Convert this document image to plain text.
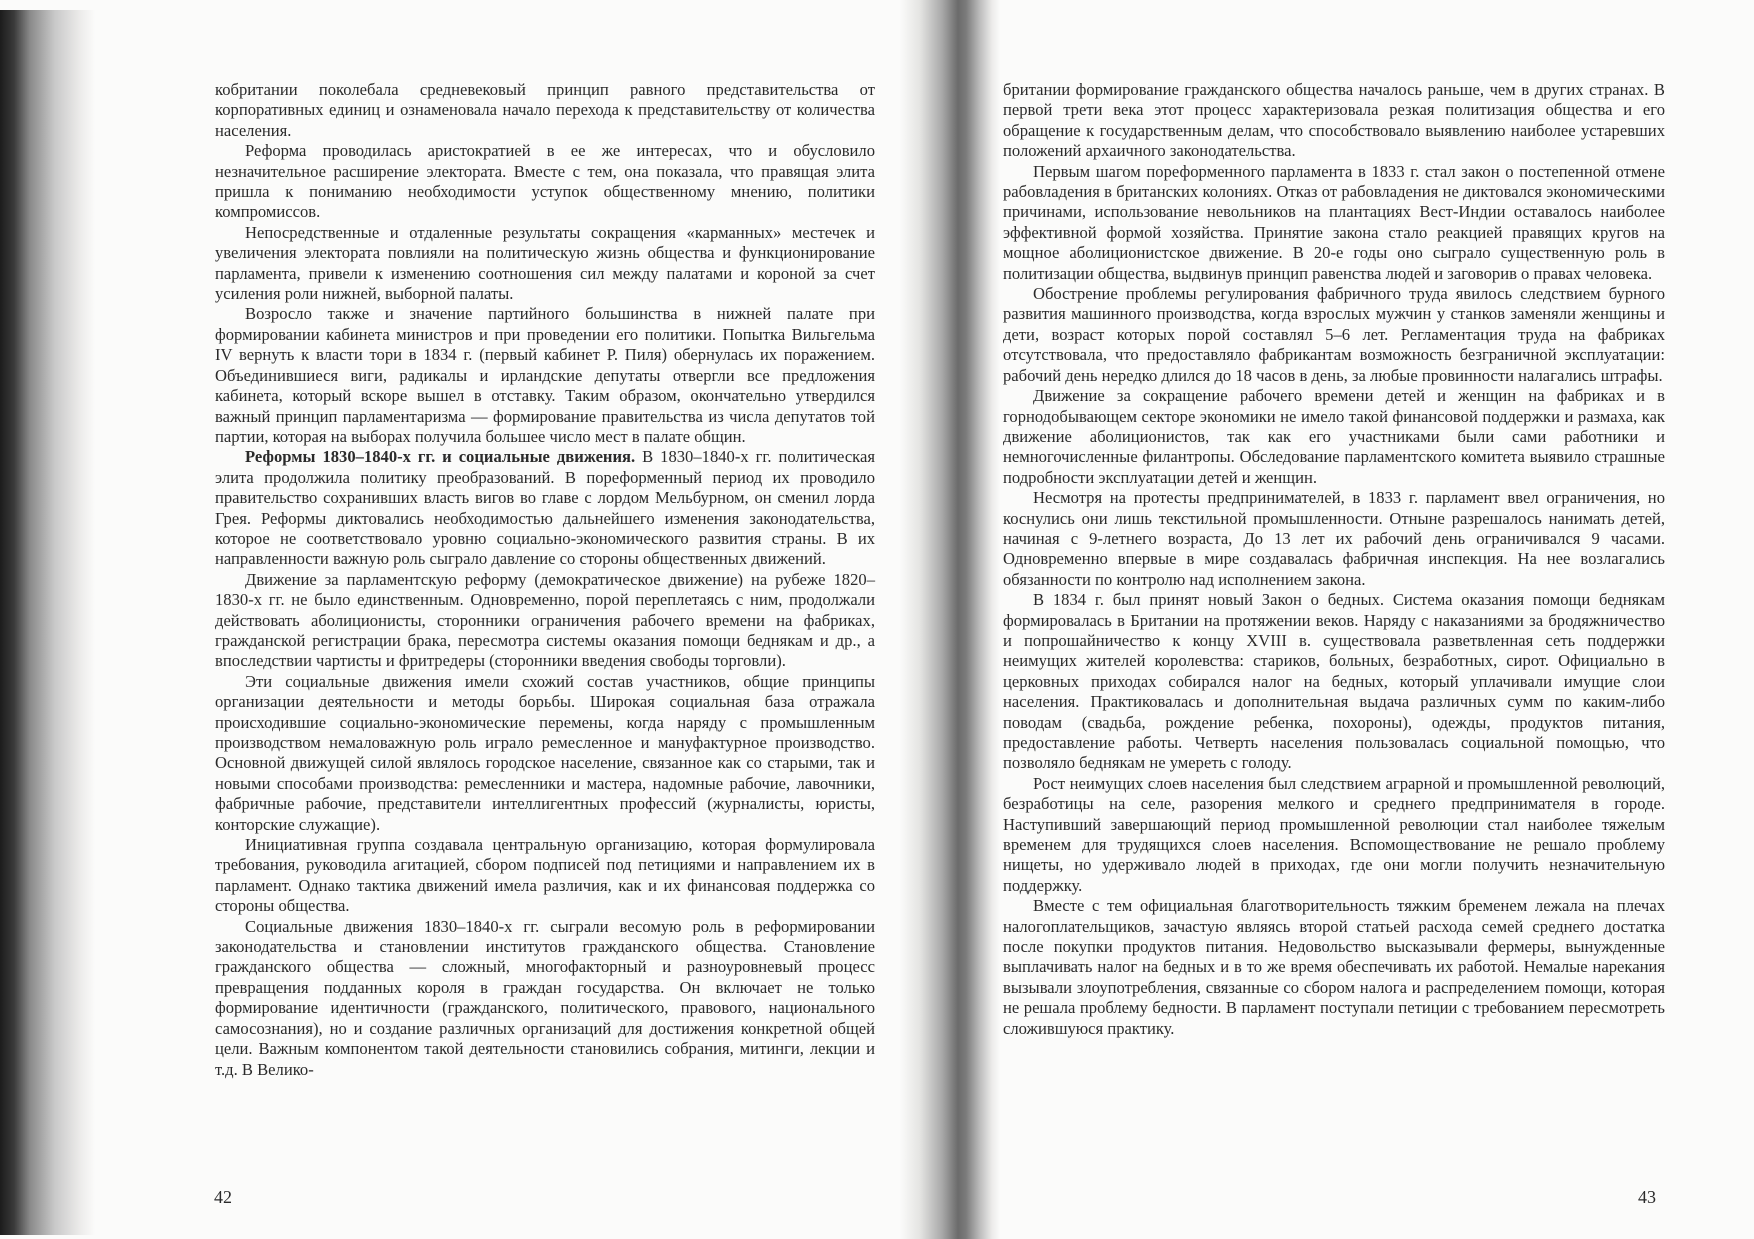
кобритании поколебала средневековый принцип равного представительства от корпоративных единиц и ознаменовала начало перехода к представительству от количества населения.

Реформа проводилась аристократией в ее же интересах, что и обусловило незначительное расширение электората. Вместе с тем, она показала, что правящая элита пришла к пониманию необходимости уступок общественному мнению, политики компромиссов.

Непосредственные и отдаленные результаты сокращения «карманных» местечек и увеличения электората повлияли на политическую жизнь общества и функционирование парламента, привели к изменению соотношения сил между палатами и короной за счет усиления роли нижней, выборной палаты.

Возросло также и значение партийного большинства в нижней палате при формировании кабинета министров и при проведении его политики. Попытка Вильгельма IV вернуть к власти тори в 1834 г. (первый кабинет Р. Пиля) обернулась их поражением. Объединившиеся виги, радикалы и ирландские депутаты отвергли все предложения кабинета, который вскоре вышел в отставку. Таким образом, окончательно утвердился важный принцип парламентаризма — формирование правительства из числа депутатов той партии, которая на выборах получила большее число мест в палате общин.

Реформы 1830–1840-х гг. и социальные движения. В 1830–1840-х гг. политическая элита продолжила политику преобразований. В пореформенный период их проводило правительство сохранивших власть вигов во главе с лордом Мельбурном, он сменил лорда Грея. Реформы диктовались необходимостью дальнейшего изменения законодательства, которое не соответствовало уровню социально-экономического развития страны. В их направленности важную роль сыграло давление со стороны общественных движений.

Движение за парламентскую реформу (демократическое движение) на рубеже 1820–1830-х гг. не было единственным. Одновременно, порой переплетаясь с ним, продолжали действовать аболиционисты, сторонники ограничения рабочего времени на фабриках, гражданской регистрации брака, пересмотра системы оказания помощи беднякам и др., а впоследствии чартисты и фритредеры (сторонники введения свободы торговли).

Эти социальные движения имели схожий состав участников, общие принципы организации деятельности и методы борьбы. Широкая социальная база отражала происходившие социально-экономические перемены, когда наряду с промышленным производством немаловажную роль играло ремесленное и мануфактурное производство. Основной движущей силой являлось городское население, связанное как со старыми, так и новыми способами производства: ремесленники и мастера, надомные рабочие, лавочники, фабричные рабочие, представители интеллигентных профессий (журналисты, юристы, конторские служащие).

Инициативная группа создавала центральную организацию, которая формулировала требования, руководила агитацией, сбором подписей под петициями и направлением их в парламент. Однако тактика движений имела различия, как и их финансовая поддержка со стороны общества.

Социальные движения 1830–1840-х гг. сыграли весомую роль в реформировании законодательства и становлении институтов гражданского общества. Становление гражданского общества — сложный, многофакторный и разноуровневый процесс превращения подданных короля в граждан государства. Он включает не только формирование идентичности (гражданского, политического, правового, национального самосознания), но и создание различных организаций для достижения конкретной общей цели. Важным компонентом такой деятельности становились собрания, митинги, лекции и т.д. В Велико-

британии формирование гражданского общества началось раньше, чем в других странах. В первой трети века этот процесс характеризовала резкая политизация общества и его обращение к государственным делам, что способствовало выявлению наиболее устаревших положений архаичного законодательства.

Первым шагом пореформенного парламента в 1833 г. стал закон о постепенной отмене рабовладения в британских колониях. Отказ от рабовладения не диктовался экономическими причинами, использование невольников на плантациях Вест-Индии оставалось наиболее эффективной формой хозяйства. Принятие закона стало реакцией правящих кругов на мощное аболиционистское движение. В 20-е годы оно сыграло существенную роль в политизации общества, выдвинув принцип равенства людей и заговорив о правах человека.

Обострение проблемы регулирования фабричного труда явилось следствием бурного развития машинного производства, когда взрослых мужчин у станков заменяли женщины и дети, возраст которых порой составлял 5–6 лет. Регламентация труда на фабриках отсутствовала, что предоставляло фабрикантам возможность безграничной эксплуатации: рабочий день нередко длился до 18 часов в день, за любые провинности налагались штрафы.

Движение за сокращение рабочего времени детей и женщин на фабриках и в горнодобывающем секторе экономики не имело такой финансовой поддержки и размаха, как движение аболиционистов, так как его участниками были сами работники и немногочисленные филантропы. Обследование парламентского комитета выявило страшные подробности эксплуатации детей и женщин.

Несмотря на протесты предпринимателей, в 1833 г. парламент ввел ограничения, но коснулись они лишь текстильной промышленности. Отныне разрешалось нанимать детей, начиная с 9-летнего возраста, До 13 лет их рабочий день ограничивался 9 часами. Одновременно впервые в мире создавалась фабричная инспекция. На нее возлагались обязанности по контролю над исполнением закона.

В 1834 г. был принят новый Закон о бедных. Система оказания помощи беднякам формировалась в Британии на протяжении веков. Наряду с наказаниями за бродяжничество и попрошайничество к концу XVIII в. существовала разветвленная сеть поддержки неимущих жителей королевства: стариков, больных, безработных, сирот. Официально в церковных приходах собирался налог на бедных, который уплачивали имущие слои населения. Практиковалась и дополнительная выдача различных сумм по каким-либо поводам (свадьба, рождение ребенка, похороны), одежды, продуктов питания, предоставление работы. Четверть населения пользовалась социальной помощью, что позволяло беднякам не умереть с голоду.

Рост неимущих слоев населения был следствием аграрной и промышленной революций, безработицы на селе, разорения мелкого и среднего предпринимателя в городе. Наступивший завершающий период промышленной революции стал наиболее тяжелым временем для трудящихся слоев населения. Вспомоществование не решало проблему нищеты, но удерживало людей в приходах, где они могли получить незначительную поддержку.

Вместе с тем официальная благотворительность тяжким бременем лежала на плечах налогоплательщиков, зачастую являясь второй статьей расхода семей среднего достатка после покупки продуктов питания. Недовольство высказывали фермеры, вынужденные выплачивать налог на бедных и в то же время обеспечивать их работой. Немалые нарекания вызывали злоупотребления, связанные со сбором налога и распределением помощи, которая не решала проблему бедности. В парламент поступали петиции с требованием пересмотреть сложившуюся практику.

42	43
